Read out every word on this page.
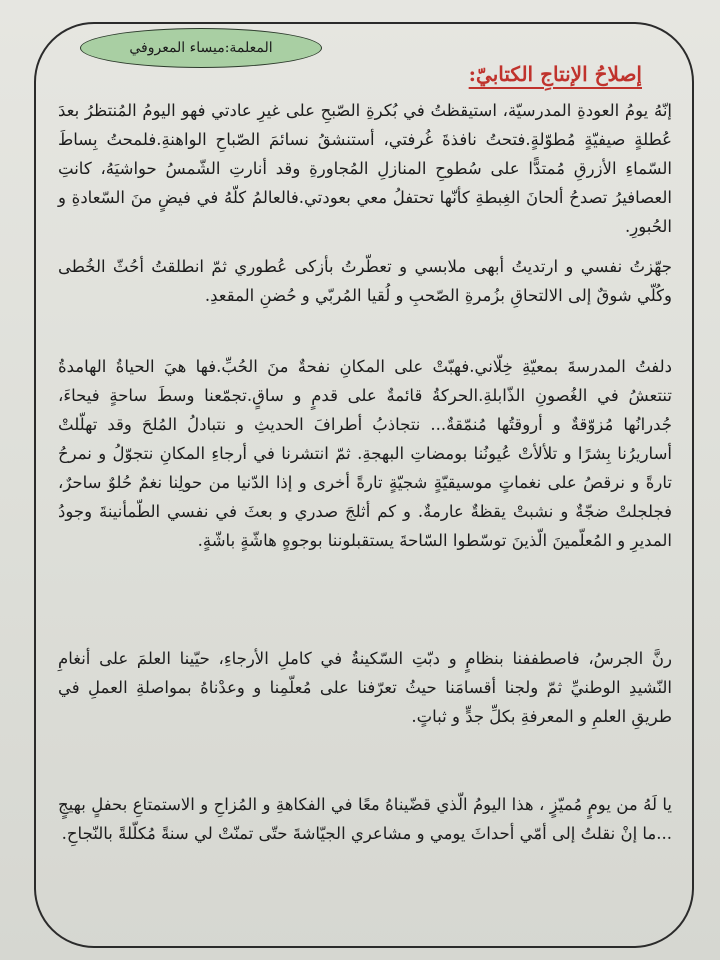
المعلمة:ميساء المعروفي
إصلاحُ الإنتاجِ الكتابيّ:

إنّهُ يومُ العودةِ المدرسيّة، استيقظتُ في بُكرةِ الصّبحِ على غيرِ عادتي فهو اليومُ المُنتظرُ بعدَ عُطلةٍ صيفيّةٍ مُطوّلةٍ.فتحتُ نافذةَ غُرفتي، أستنشقُ نسائمَ الصّباحِ الواهنةِ.فلمحتُ بِساطَ السّماءِ الأزرقِ مُمتدًّا على سُطوحِ المنازلِ المُجاورةِ وقد أنارتِ الشّمسُ حواشيَهُ، كانتِ العصافيرُ تصدحُ ألحانَ الغِبطةِ كأنّها تحتفلُ معي بعودتي.فالعالمُ كلّهُ في فيضٍ منَ السّعادةِ و الحُبورِ.

جهّزتُ نفسي و ارتديتُ أبهى ملابسي و تعطّرتُ بأزكى عُطوري ثمّ انطلقتُ أحُثّ الخُطى وكُلّي شوقٌ إلى الالتحاقِ بزُمرةِ الصّحبِ و لُقيا المُربّي و حُضنِ المقعدِ.

دلفتُ المدرسةَ بمعيّةِ خِلّاني.فهبّتْ على المكانِ نفحةٌ منَ الحُبِّ.فها هيَ الحياةُ الهامدةُ تنتعشُ في الغُصونِ الذّابلةِ.الحركةُ قائمةٌ على قدمٍ و ساقٍ.تجمّعنا وسطَ ساحةٍ فيحاءَ، جُدرانُها مُزوّقةٌ و أروقتُها مُنمّقةٌ... نتجاذبُ أطرافَ الحديثِ و نتبادلُ المُلحَ وقد تهلّلتْ أساريرُنا بِشرًا و تلألأتْ عُيونُنا بومضاتِ البهجةِ. ثمّ انتشرنا في أرجاءِ المكانِ نتجوّلُ و نمرحُ تارةً و نرقصُ على نغماتٍ موسيقيّةٍ شجيّةٍ تارةً أخرى و إذا الدّنيا من حولِنا نغمٌ حُلوٌ ساحرٌ، فجلجلتْ ضجّةٌ و نشبتْ يقظةٌ عارمةٌ. و كم أثلجَ صدري و بعثَ في نفسي الطّمأنينةَ وجودُ المديرِ و المُعلّمينَ الّذينَ توسّطوا السّاحةَ يستقبلوننا بوجوهٍ هاشّةٍ باشّةٍ.

رنَّ الجرسُ، فاصطففنا بنظامٍ و دبّتِ السّكينةُ في كاملِ الأرجاءِ، حيّينا العلمَ على أنغامِ النّشيدِ الوطنيِّ ثمّ ولجنا أقسامَنا حيثُ تعرّفنا على مُعلّمِنا و وعدْناهُ بمواصلةِ العملِ في طريقِ العلمِ و المعرفةِ بكلِّ جدٍّ و ثباتٍ.

يا لَهُ من يومٍ مُميّزٍ ، هذا اليومُ الّذي قضّيناهُ معًا في الفكاهةِ و المُزاحِ و الاستمتاعِ بحفلٍ بهيجٍ ...ما إنْ نقلتُ إلى أمّي أحداثَ يومي و مشاعري الجيّاشةَ حتّى تمنّتْ لي سنةً مُكلّلةً بالنّجاحِ.
